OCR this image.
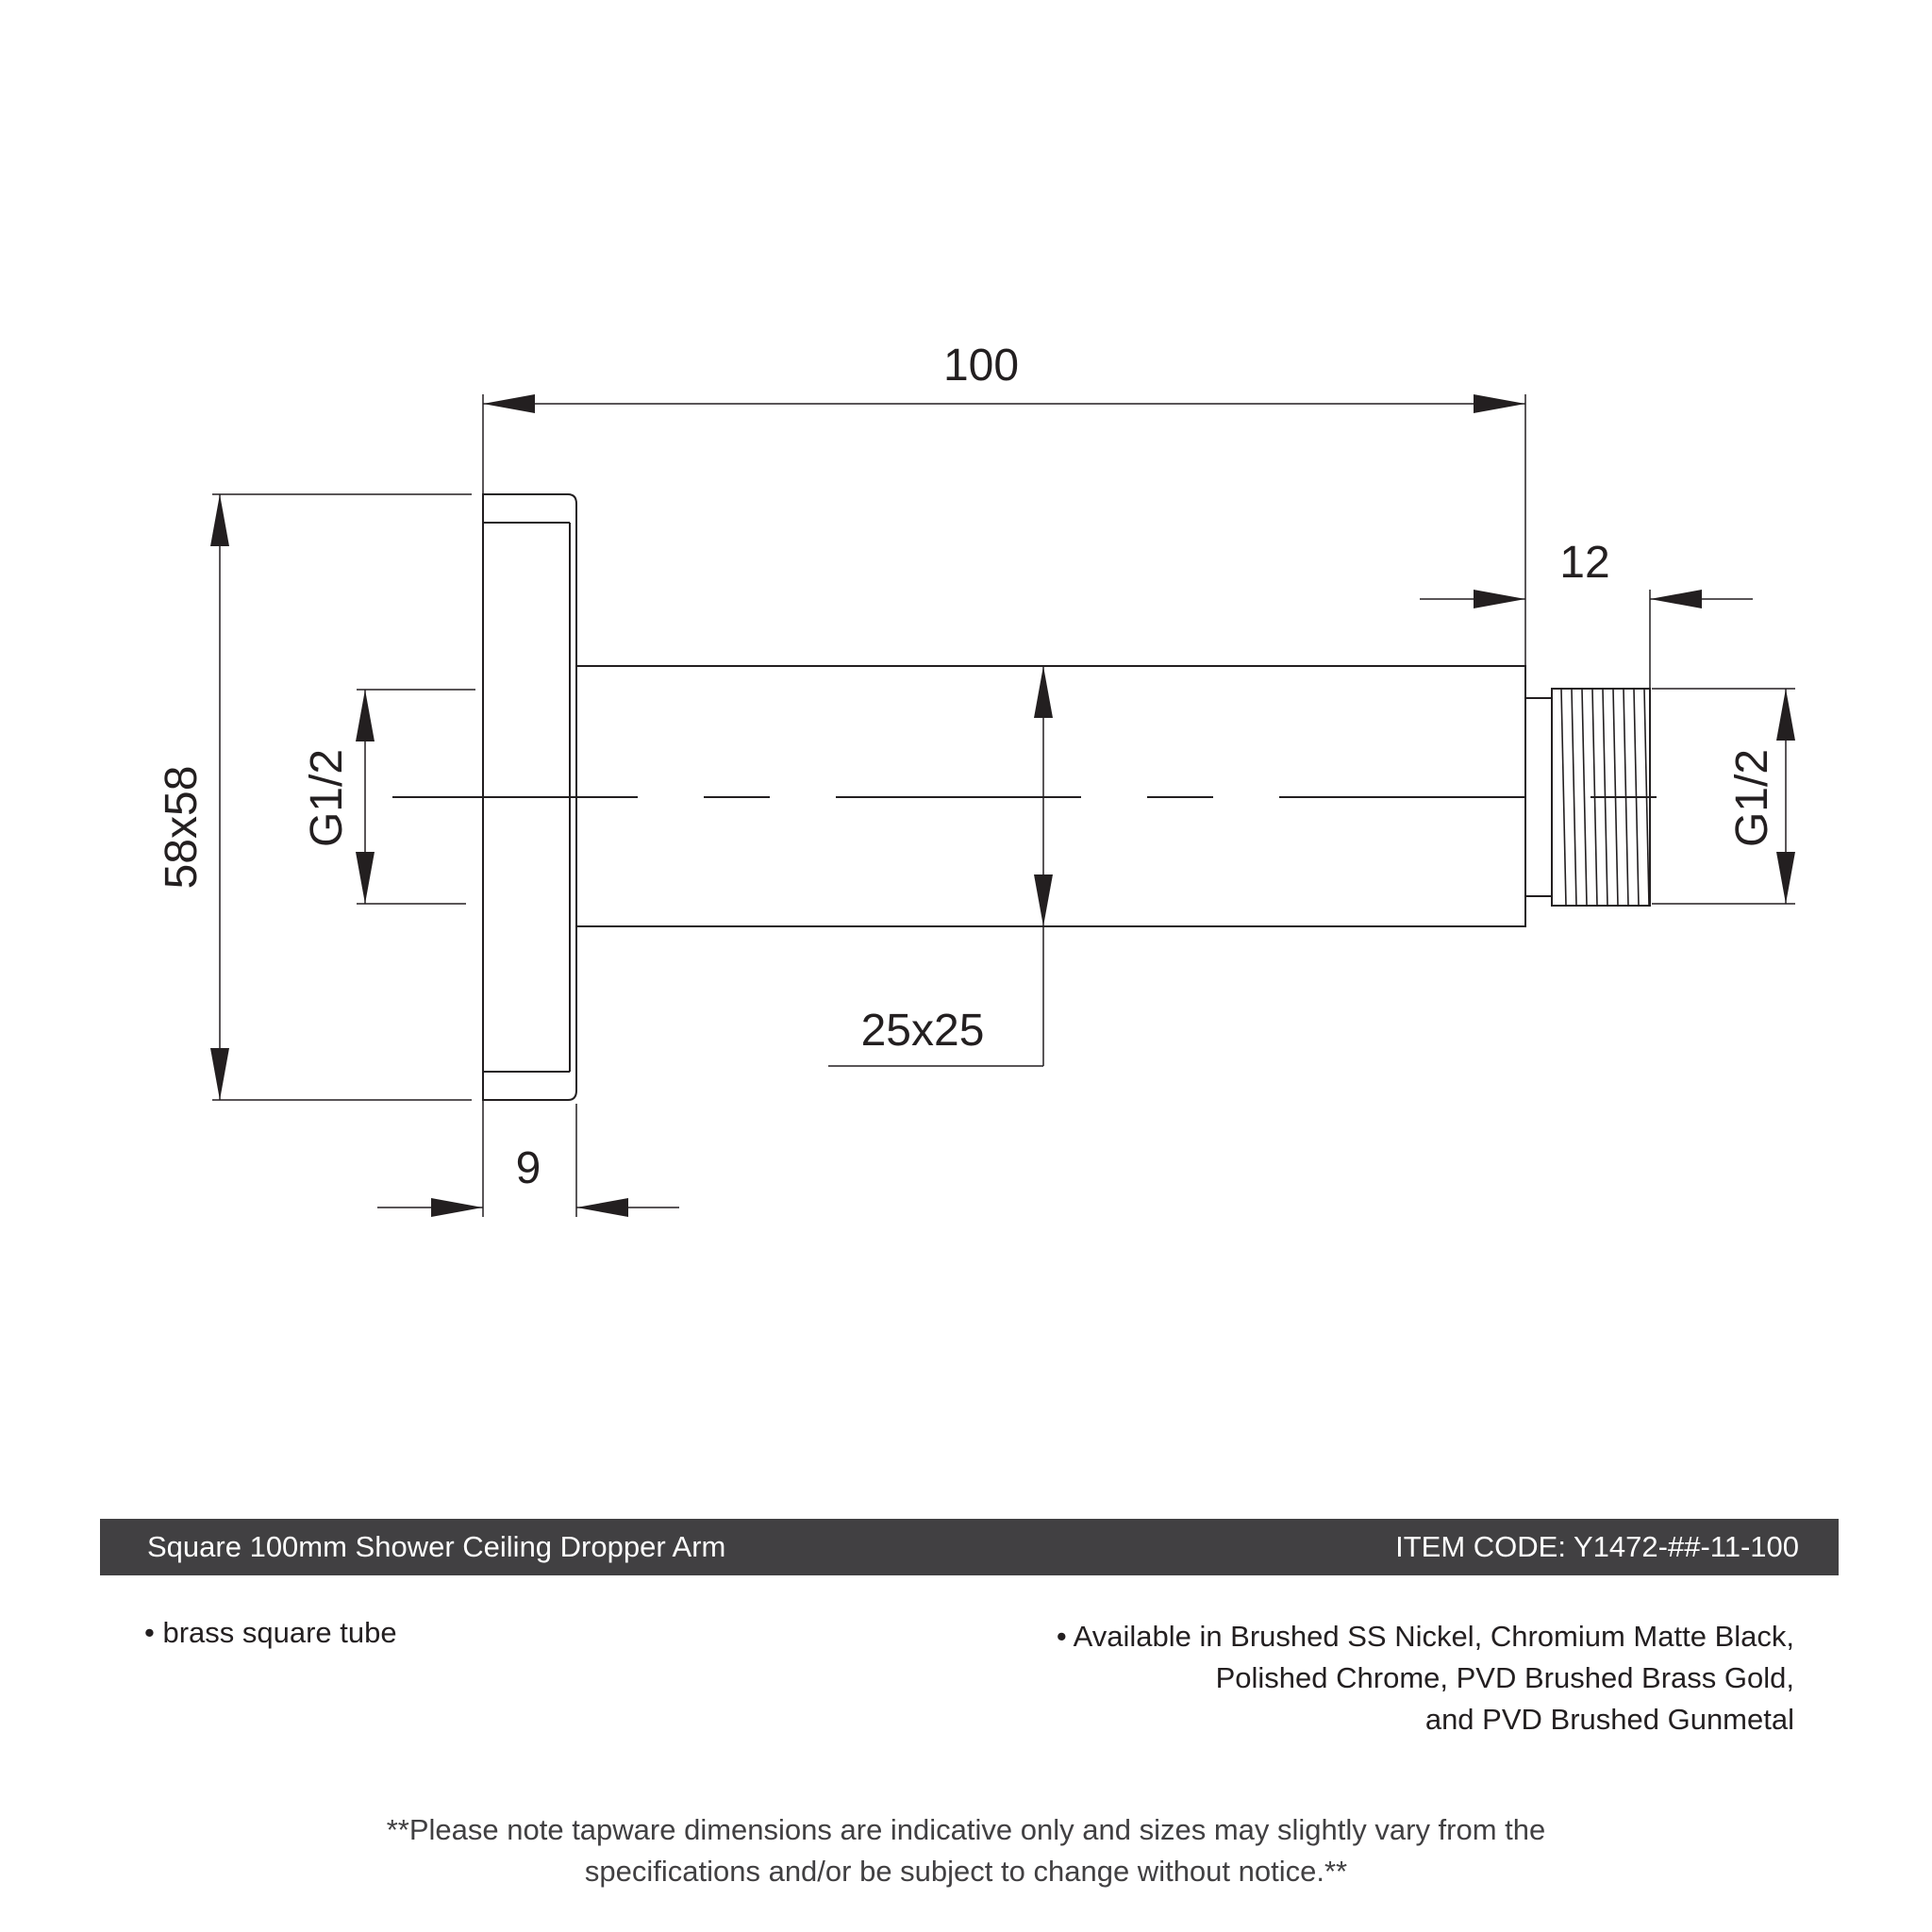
100
12
58x58 G1/2	G1/2
25x25
9
Square 100mm Shower Ceiling Dropper Arm	ITEM CODE: Y1472-##-11-100
• brass square tube	• Available in Brushed SS Nickel, Chromium Matte Black,
Polished Chrome, PVD Brushed Brass Gold,
and PVD Brushed Gunmetal
**Please note tapware dimensions are indicative only and sizes may slightly vary from the
specifications and/or be subject to change without notice.**
